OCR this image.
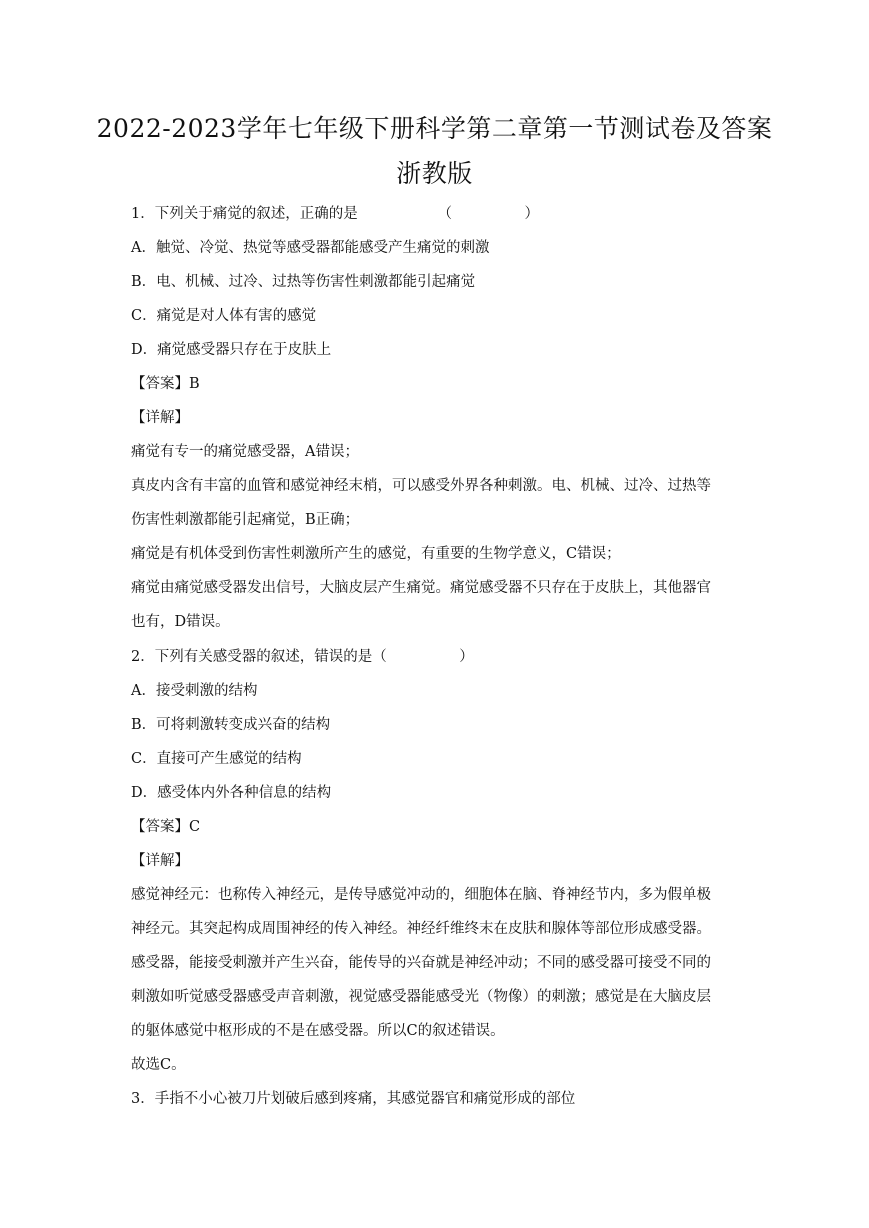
2022-2023学年七年级下册科学第二章第一节测试卷及答案
浙教版
1．下列关于痛觉的叙述，正确的是　　　　　　（　　　　　）
A．触觉、冷觉、热觉等感受器都能感受产生痛觉的刺激
B．电、机械、过冷、过热等伤害性刺激都能引起痛觉
C．痛觉是对人体有害的感觉
D．痛觉感受器只存在于皮肤上
【答案】B
【详解】
痛觉有专一的痛觉感受器，A错误；
真皮内含有丰富的血管和感觉神经末梢，可以感受外界各种刺激。电、机械、过冷、过热等
伤害性刺激都能引起痛觉，B正确；
痛觉是有机体受到伤害性刺激所产生的感觉，有重要的生物学意义，C错误；
痛觉由痛觉感受器发出信号，大脑皮层产生痛觉。痛觉感受器不只存在于皮肤上，其他器官
也有，D错误。
2．下列有关感受器的叙述，错误的是（　　　　　）
A．接受刺激的结构
B．可将刺激转变成兴奋的结构
C．直接可产生感觉的结构
D．感受体内外各种信息的结构
【答案】C
【详解】
感觉神经元：也称传入神经元，是传导感觉冲动的，细胞体在脑、脊神经节内，多为假单极
神经元。其突起构成周围神经的传入神经。神经纤维终末在皮肤和腺体等部位形成感受器。
感受器，能接受刺激并产生兴奋，能传导的兴奋就是神经冲动；不同的感受器可接受不同的
刺激如听觉感受器感受声音刺激，视觉感受器能感受光（物像）的刺激；感觉是在大脑皮层
的躯体感觉中枢形成的不是在感受器。所以C的叙述错误。
故选C。
3．手指不小心被刀片划破后感到疼痛，其感觉器官和痛觉形成的部位
